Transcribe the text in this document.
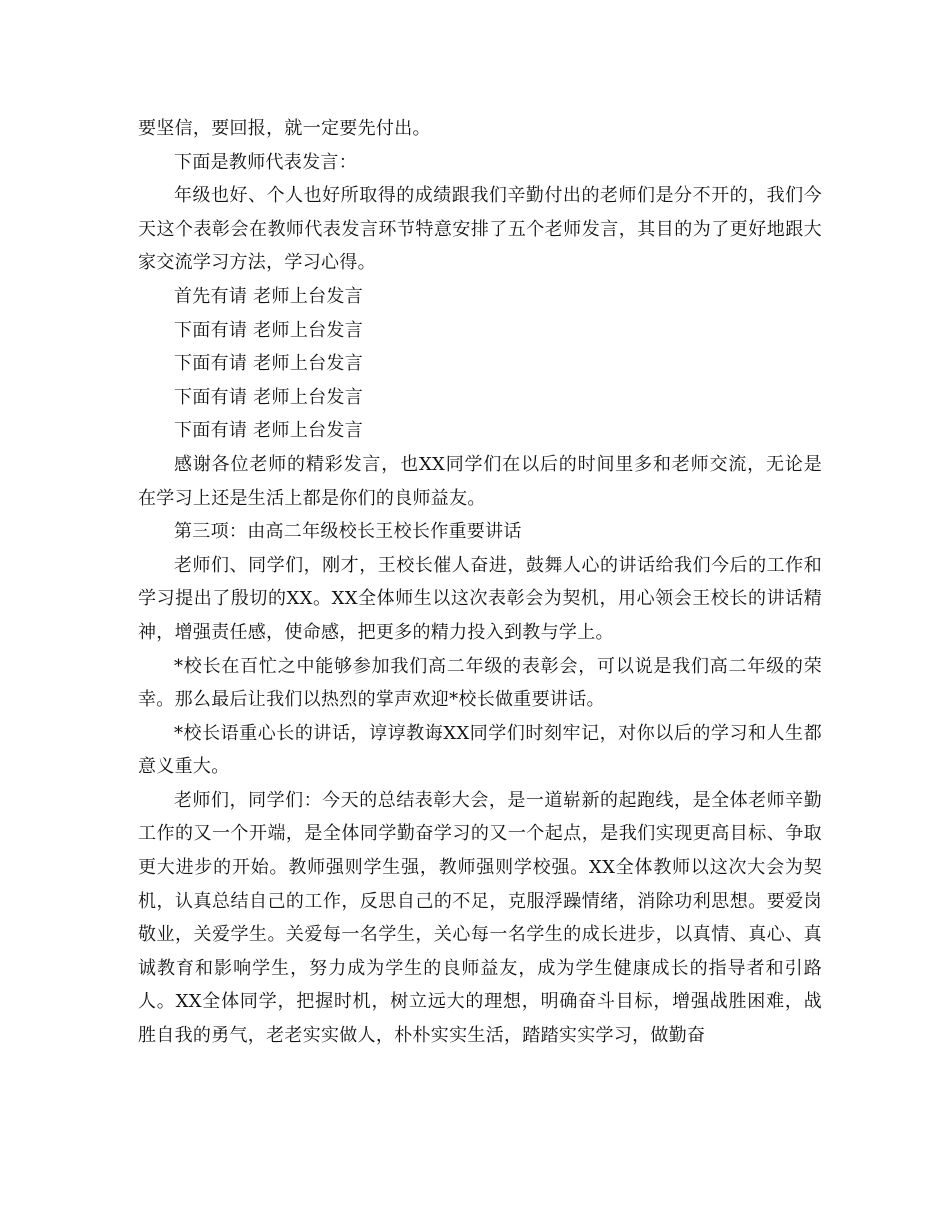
要坚信，要回报，就一定要先付出。

下面是教师代表发言：

年级也好、个人也好所取得的成绩跟我们辛勤付出的老师们是分不开的，我们今天这个表彰会在教师代表发言环节特意安排了五个老师发言，其目的为了更好地跟大家交流学习方法，学习心得。

首先有请 老师上台发言

下面有请 老师上台发言

下面有请 老师上台发言

下面有请 老师上台发言

下面有请 老师上台发言

感谢各位老师的精彩发言，也XX同学们在以后的时间里多和老师交流，无论是在学习上还是生活上都是你们的良师益友。

第三项：由高二年级校长王校长作重要讲话

老师们、同学们，刚才，王校长催人奋进，鼓舞人心的讲话给我们今后的工作和学习提出了殷切的XX。XX全体师生以这次表彰会为契机，用心领会王校长的讲话精神，增强责任感，使命感，把更多的精力投入到教与学上。

*校长在百忙之中能够参加我们高二年级的表彰会，可以说是我们高二年级的荣幸。那么最后让我们以热烈的掌声欢迎*校长做重要讲话。

*校长语重心长的讲话，谆谆教诲XX同学们时刻牢记，对你以后的学习和人生都意义重大。

老师们，同学们：今天的总结表彰大会，是一道崭新的起跑线，是全体老师辛勤工作的又一个开端，是全体同学勤奋学习的又一个起点，是我们实现更高目标、争取更大进步的开始。教师强则学生强，教师强则学校强。XX全体教师以这次大会为契机，认真总结自己的工作，反思自己的不足，克服浮躁情绪，消除功利思想。要爱岗敬业，关爱学生。关爱每一名学生，关心每一名学生的成长进步，以真情、真心、真诚教育和影响学生，努力成为学生的良师益友，成为学生健康成长的指导者和引路人。XX全体同学，把握时机，树立远大的理想，明确奋斗目标，增强战胜困难，战胜自我的勇气，老老实实做人，朴朴实实生活，踏踏实实学习，做勤奋
